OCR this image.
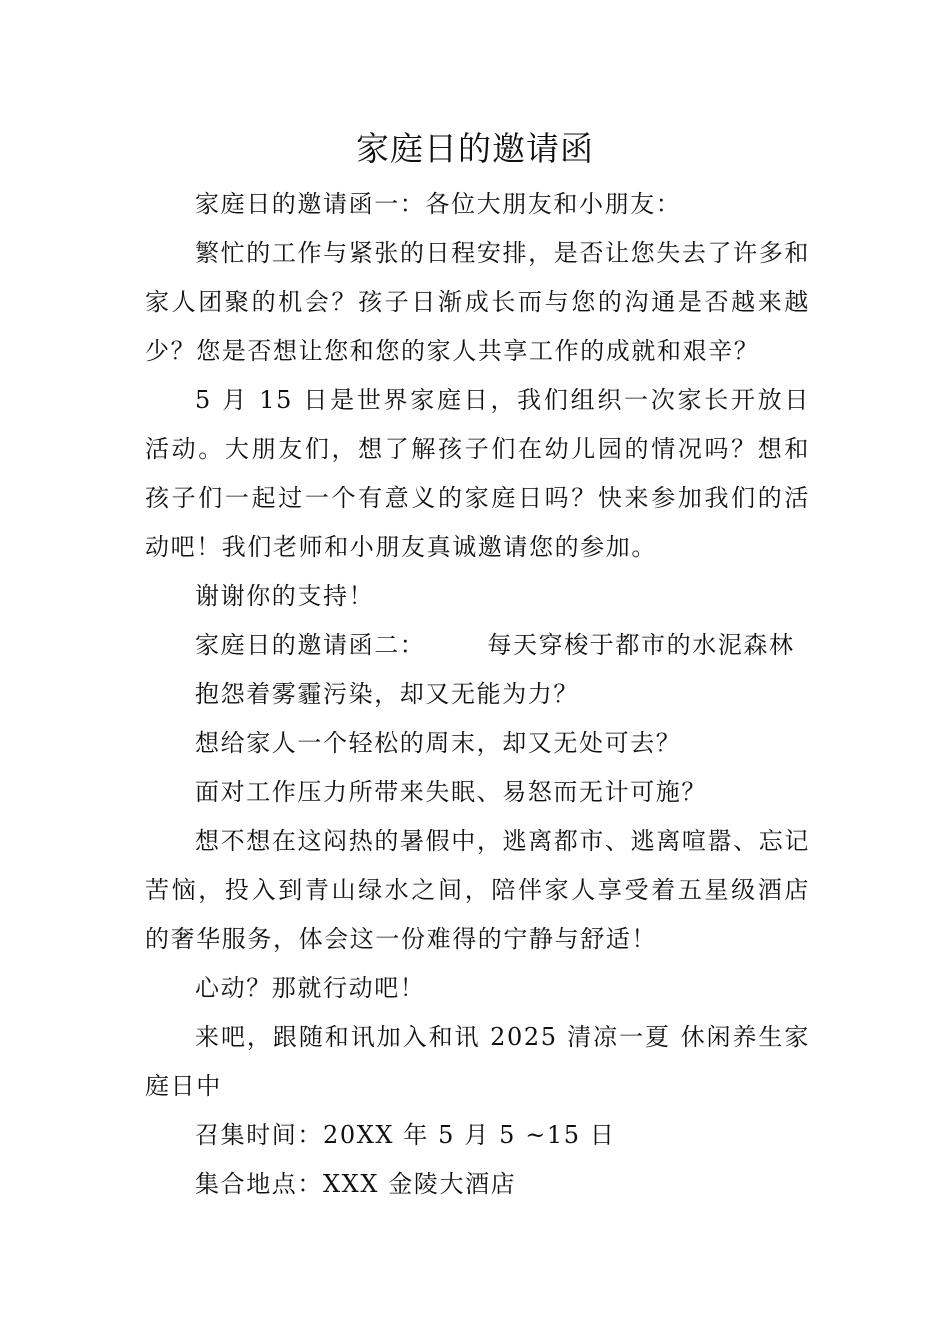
家庭日的邀请函

家庭日的邀请函一：各位大朋友和小朋友：

繁忙的工作与紧张的日程安排，是否让您失去了许多和家人团聚的机会？孩子日渐成长而与您的沟通是否越来越少？您是否想让您和您的家人共享工作的成就和艰辛？

5 月 15 日是世界家庭日，我们组织一次家长开放日活动。大朋友们，想了解孩子们在幼儿园的情况吗？想和孩子们一起过一个有意义的家庭日吗？快来参加我们的活动吧！我们老师和小朋友真诚邀请您的参加。

谢谢你的支持！

家庭日的邀请函二：	每天穿梭于都市的水泥森林

抱怨着雾霾污染，却又无能为力？

想给家人一个轻松的周末，却又无处可去？

面对工作压力所带来失眠、易怒而无计可施？

想不想在这闷热的暑假中，逃离都市、逃离喧嚣、忘记苦恼，投入到青山绿水之间，陪伴家人享受着五星级酒店的奢华服务，体会这一份难得的宁静与舒适！

心动？那就行动吧！

来吧，跟随和讯加入和讯 2025 清凉一夏 休闲养生家庭日中

召集时间：20XX 年 5 月 5 ~15 日

集合地点：XXX 金陵大酒店
